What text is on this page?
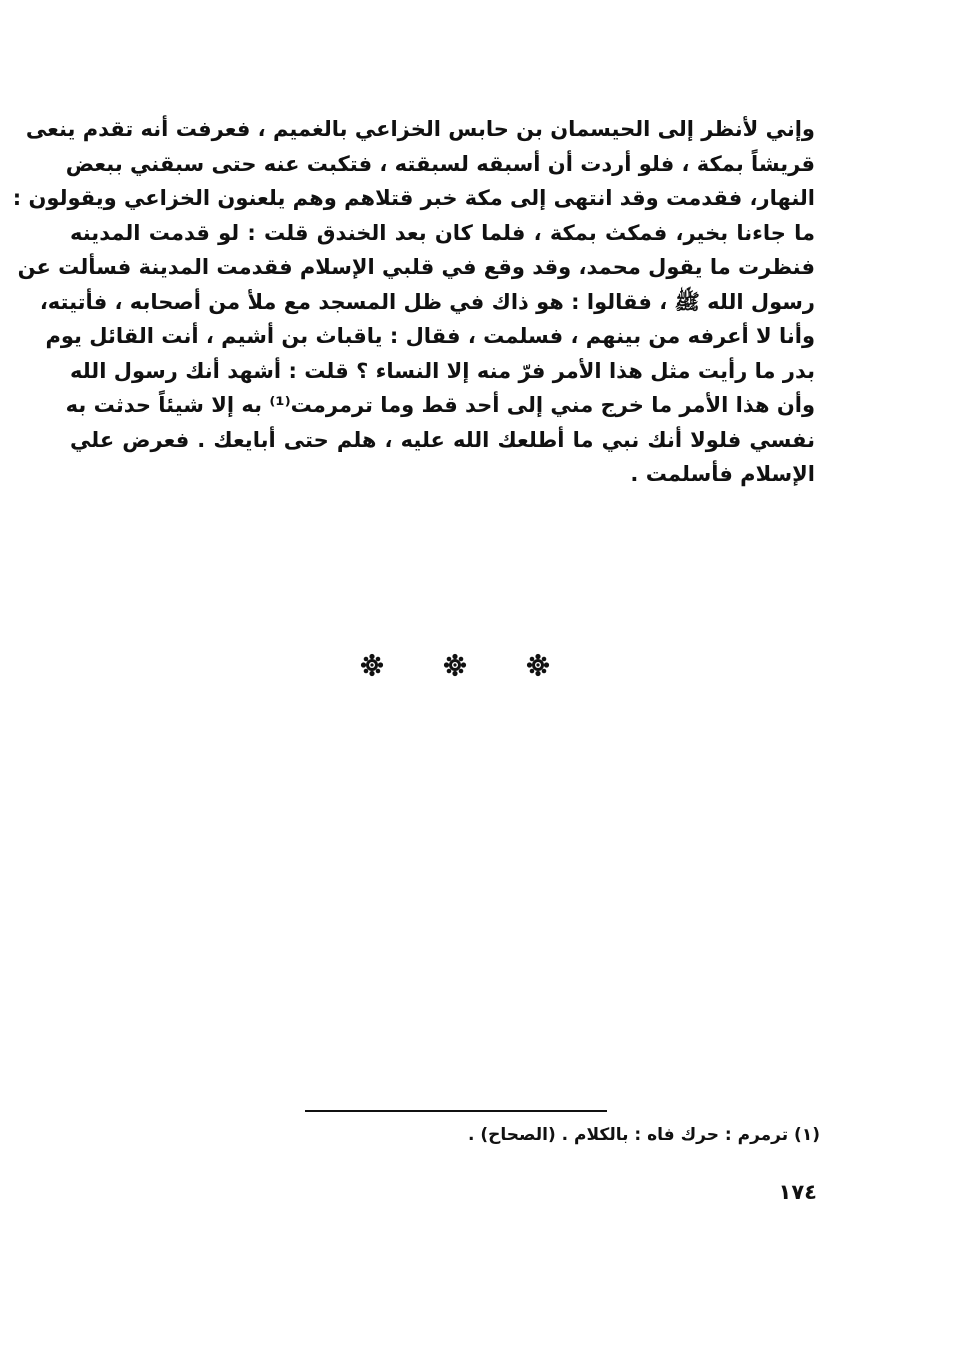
وإني لأنظر إلى الحيسمان بن حابس الخزاعي بالغميم ، فعرفت أنه تقدم ينعى
قريشاً بمكة ، فلو أردت أن أسبقه لسبقته ، فتكبت عنه حتى سبقني ببعض
النهار، فقدمت وقد انتهى إلى مكة خبر قتلاهم وهم يلعنون الخزاعي ويقولون :
ما جاءنا بخير، فمكث بمكة ، فلما كان بعد الخندق قلت : لو قدمت المدينه
فنظرت ما يقول محمد، وقد وقع في قلبي الإسلام فقدمت المدينة فسألت عن
رسول الله ﷺ ، فقالوا : هو ذاك في ظل المسجد مع ملأ من أصحابه ، فأتيته،
وأنا لا أعرفه من بينهم ، فسلمت ، فقال : ياقباث بن أشيم ، أنت القائل يوم
بدر ما رأيت مثل هذا الأمر فرّ منه إلا النساء ؟ قلت : أشهد أنك رسول الله
وأن هذا الأمر ما خرج مني إلى أحد قط وما ترمرمت⁽¹⁾ به إلا شيئاً حدثت به
نفسي فلولا أنك نبي ما أطلعك الله عليه ، هلم حتى أبايعك . فعرض علي
الإسلام فأسلمت .
(١) ترمرم : حرك فاه : بالكلام . (الصحاح) .
١٧٤
